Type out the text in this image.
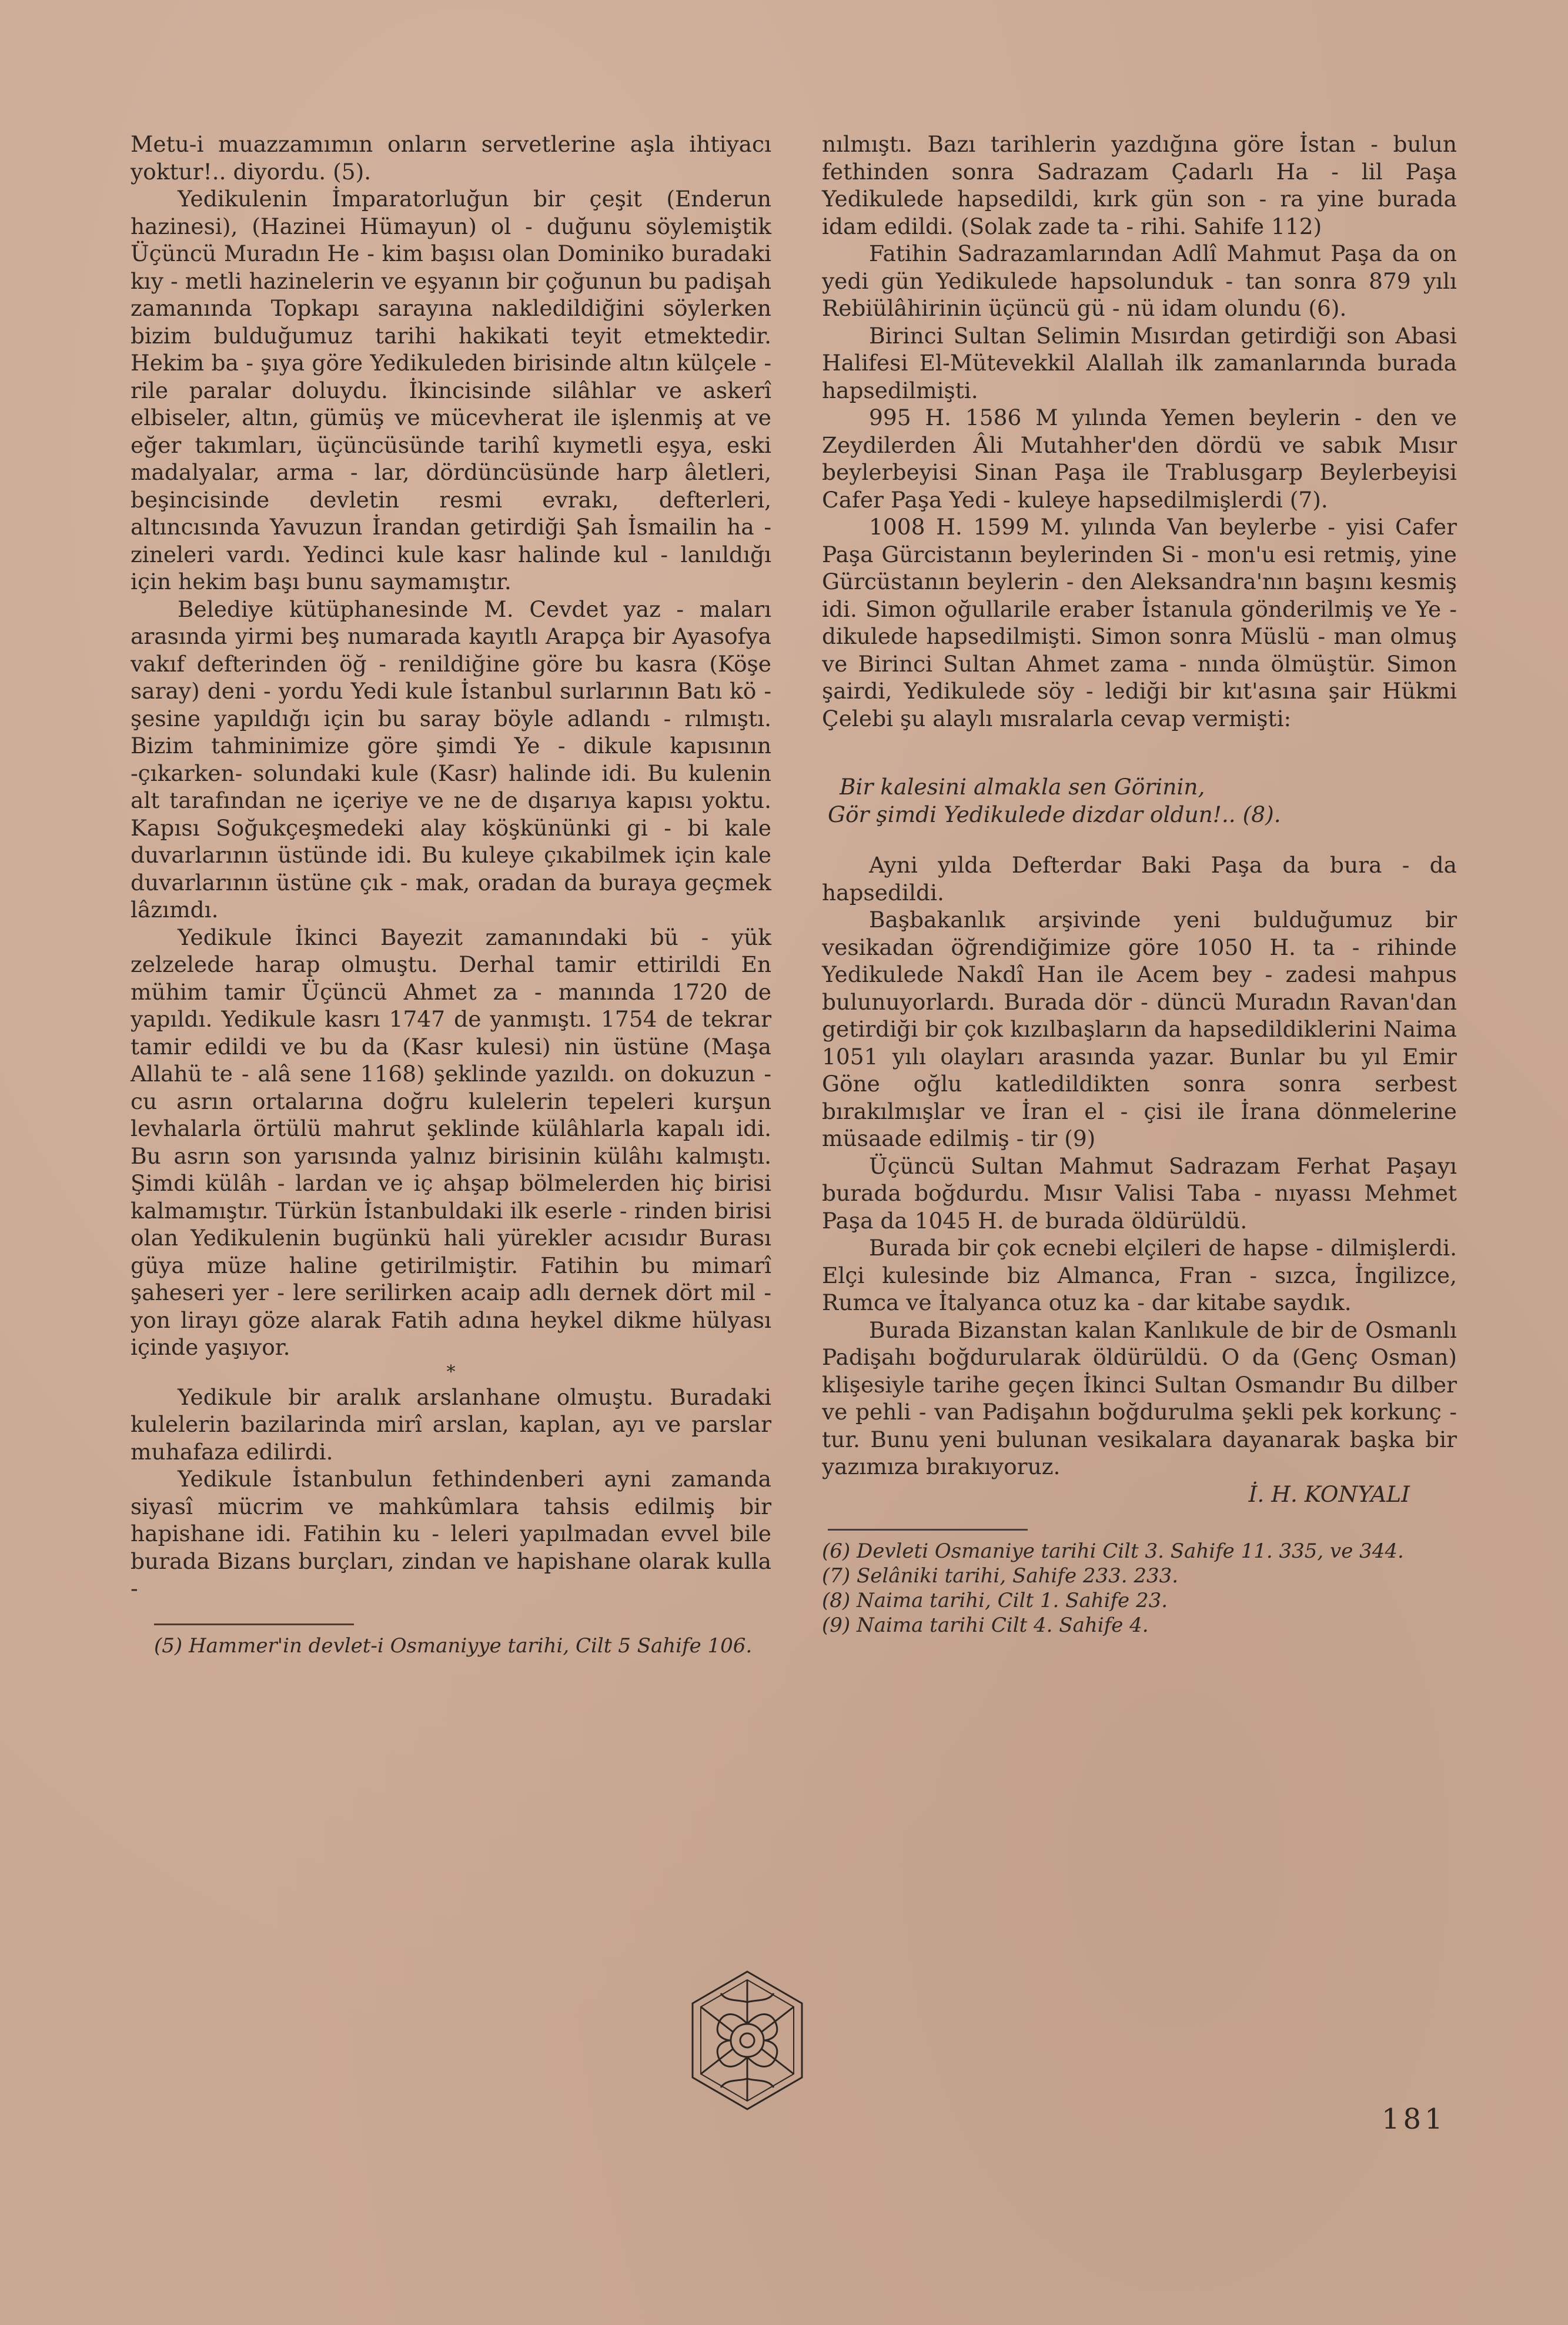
Metu-i muazzamımın onların servetlerine aşla ihtiyacı yoktur!.. diyordu. (5).

Yedikulenin İmparatorluğun bir çeşit (Enderun hazinesi), (Hazinei Hümayun) ol - duğunu söylemiştik Üçüncü Muradın He - kim başısı olan Dominiko buradaki kıy - metli hazinelerin ve eşyanın bir çoğunun bu padişah zamanında Topkapı sarayına nakledildiğini söylerken bizim bulduğumuz tarihi hakikati teyit etmektedir. Hekim ba - şıya göre Yedikuleden birisinde altın külçele - rile paralar doluydu. İkincisinde silâhlar ve askerî elbiseler, altın, gümüş ve mücevherat ile işlenmiş at ve eğer takımları, üçüncüsünde tarihî kıymetli eşya, eski madalyalar, arma - lar, dördüncüsünde harp âletleri, beşincisinde devletin resmi evrakı, defterleri, altıncısında Yavuzun İrandan getirdiği Şah İsmailin ha - zineleri vardı. Yedinci kule kasr halinde kul - lanıldığı için hekim başı bunu saymamıştır.

Belediye kütüphanesinde M. Cevdet yaz - maları arasında yirmi beş numarada kayıtlı Arapça bir Ayasofya vakıf defterinden öğ - renildiğine göre bu kasra (Köşe saray) deni - yordu Yedi kule İstanbul surlarının Batı kö - şesine yapıldığı için bu saray böyle adlandı - rılmıştı. Bizim tahminimize göre şimdi Ye - dikule kapısının -çıkarken- solundaki kule (Kasr) halinde idi. Bu kulenin alt tarafından ne içeriye ve ne de dışarıya kapısı yoktu. Kapısı Soğukçeşmedeki alay köşkününki gi - bi kale duvarlarının üstünde idi. Bu kuleye çıkabilmek için kale duvarlarının üstüne çık - mak, oradan da buraya geçmek lâzımdı.

Yedikule İkinci Bayezit zamanındaki bü - yük zelzelede harap olmuştu. Derhal tamir ettirildi En mühim tamir Üçüncü Ahmet za - manında 1720 de yapıldı. Yedikule kasrı 1747 de yanmıştı. 1754 de tekrar tamir edildi ve bu da (Kasr kulesi) nin üstüne (Maşa Allahü te - alâ sene 1168) şeklinde yazıldı. on dokuzun - cu asrın ortalarına doğru kulelerin tepeleri kurşun levhalarla örtülü mahrut şeklinde külâhlarla kapalı idi. Bu asrın son yarısında yalnız birisinin külâhı kalmıştı. Şimdi külâh - lardan ve iç ahşap bölmelerden hiç birisi kalmamıştır. Türkün İstanbuldaki ilk eserle - rinden birisi olan Yedikulenin bugünkü hali yürekler acısıdır Burası güya müze haline getirilmiştir. Fatihin bu mimarî şaheseri yer - lere serilirken acaip adlı dernek dört mil - yon lirayı göze alarak Fatih adına heykel dikme hülyası içinde yaşıyor.

*

Yedikule bir aralık arslanhane olmuştu. Buradaki kulelerin bazilarinda mirî arslan, kaplan, ayı ve parslar muhafaza edilirdi.

Yedikule İstanbulun fethindenberi ayni zamanda siyasî mücrim ve mahkûmlara tahsis edilmiş bir hapishane idi. Fatihin ku - leleri yapılmadan evvel bile burada Bizans burçları, zindan ve hapishane olarak kulla -

(5) Hammer'in devlet-i Osmaniyye tarihi, Cilt 5 Sahife 106.

nılmıştı. Bazı tarihlerin yazdığına göre İstan - bulun fethinden sonra Sadrazam Çadarlı Ha - lil Paşa Yedikulede hapsedildi, kırk gün son - ra yine burada idam edildi. (Solak zade ta - rihi. Sahife 112)

Fatihin Sadrazamlarından Adlî Mahmut Paşa da on yedi gün Yedikulede hapsolunduk - tan sonra 879 yılı Rebiülâhirinin üçüncü gü - nü idam olundu (6).

Birinci Sultan Selimin Mısırdan getirdiği son Abasi Halifesi El-Mütevekkil Alallah ilk zamanlarında burada hapsedilmişti.

995 H. 1586 M yılında Yemen beylerin - den ve Zeydilerden Âli Mutahher'den dördü ve sabık Mısır beylerbeyisi Sinan Paşa ile Trablusgarp Beylerbeyisi Cafer Paşa Yedi - kuleye hapsedilmişlerdi (7).

1008 H. 1599 M. yılında Van beylerbe - yisi Cafer Paşa Gürcistanın beylerinden Si - mon'u esi retmiş, yine Gürcüstanın beylerin - den Aleksandra'nın başını kesmiş idi. Simon oğullarile eraber İstanula gönderilmiş ve Ye - dikulede hapsedilmişti. Simon sonra Müslü - man olmuş ve Birinci Sultan Ahmet zama - nında ölmüştür. Simon şairdi, Yedikulede söy - lediği bir kıt'asına şair Hükmi Çelebi şu alaylı mısralarla cevap vermişti:

Bir kalesini almakla sen Görinin,
Gör şimdi Yedikulede dizdar oldun!.. (8).

Ayni yılda Defterdar Baki Paşa da bura - da hapsedildi.

Başbakanlık arşivinde yeni bulduğumuz bir vesikadan öğrendiğimize göre 1050 H. ta - rihinde Yedikulede Nakdî Han ile Acem bey - zadesi mahpus bulunuyorlardı. Burada dör - düncü Muradın Ravan'dan getirdiği bir çok kızılbaşların da hapsedildiklerini Naima 1051 yılı olayları arasında yazar. Bunlar bu yıl Emir Göne oğlu katledildikten sonra sonra serbest bırakılmışlar ve İran el - çisi ile İrana dönmelerine müsaade edilmiş - tir (9)

Üçüncü Sultan Mahmut Sadrazam Ferhat Paşayı burada boğdurdu. Mısır Valisi Taba - nıyassı Mehmet Paşa da 1045 H. de burada öldürüldü.

Burada bir çok ecnebi elçileri de hapse - dilmişlerdi. Elçi kulesinde biz Almanca, Fran - sızca, İngilizce, Rumca ve İtalyanca otuz ka - dar kitabe saydık.

Burada Bizanstan kalan Kanlıkule de bir de Osmanlı Padişahı boğdurularak öldürüldü. O da (Genç Osman) klişesiyle tarihe geçen İkinci Sultan Osmandır Bu dilber ve pehli - van Padişahın boğdurulma şekli pek korkunç - tur. Bunu yeni bulunan vesikalara dayanarak başka bir yazımıza bırakıyoruz.

İ. H. KONYALI

(6) Devleti Osmaniye tarihi Cilt 3. Sahife 11. 335, ve 344.

(7) Selâniki tarihi, Sahife 233. 233.

(8) Naima tarihi, Cilt 1. Sahife 23.

(9) Naima tarihi Cilt 4. Sahife 4.

181
